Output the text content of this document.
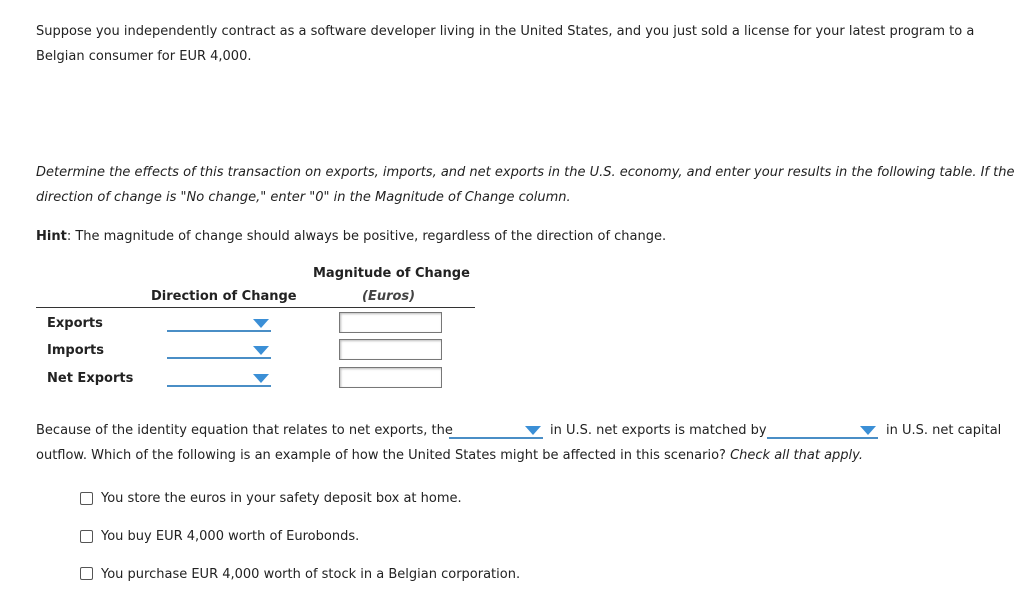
Suppose you independently contract as a software developer living in the United States, and you just sold a license for your latest program to a
Belgian consumer for EUR 4,000.
Determine the effects of this transaction on exports, imports, and net exports in the U.S. economy, and enter your results in the following table. If the
direction of change is "No change," enter "0" in the Magnitude of Change column.
Hint: The magnitude of change should always be positive, regardless of the direction of change.
Magnitude of Change
Direction of Change	(Euros)
Exports
Imports
Net Exports
Because of the identity equation that relates to net exports, the	in U.S. net exports is matched by	in U.S. net capital
outflow. Which of the following is an example of how the United States might be affected in this scenario? Check all that apply.
You store the euros in your safety deposit box at home.
You buy EUR 4,000 worth of Eurobonds.
You purchase EUR 4,000 worth of stock in a Belgian corporation.
